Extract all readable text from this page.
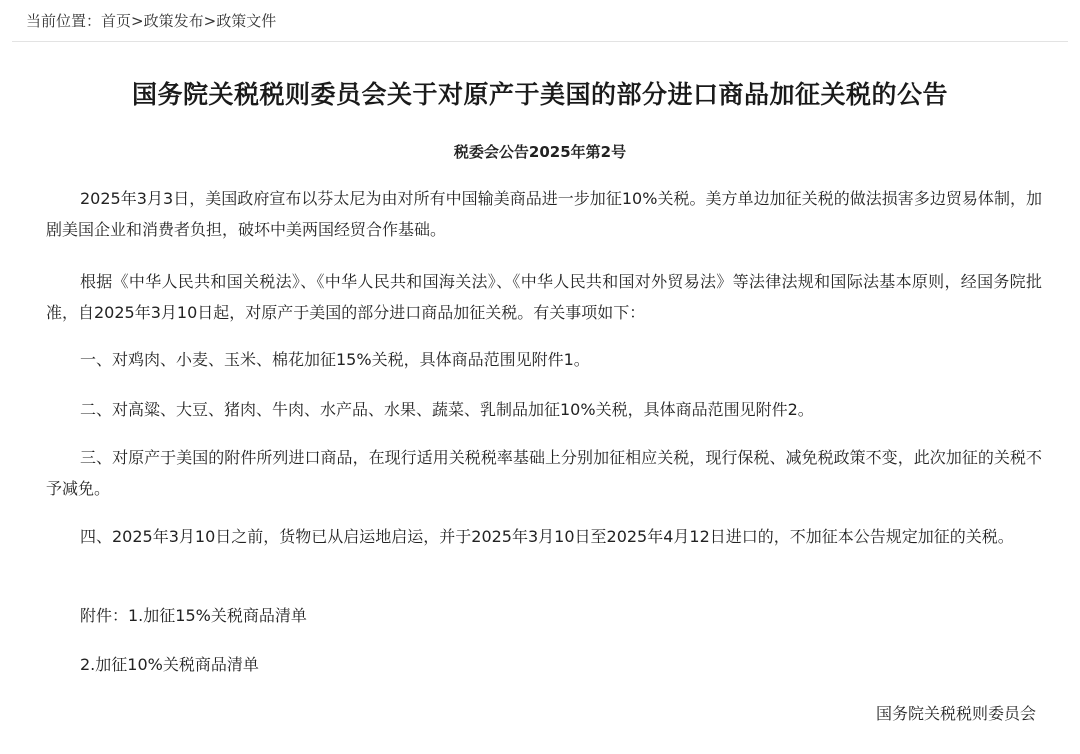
当前位置：首页>政策发布>政策文件
国务院关税税则委员会关于对原产于美国的部分进口商品加征关税的公告
税委会公告2025年第2号

2025年3月3日，美国政府宣布以芬太尼为由对所有中国输美商品进一步加征10%关税。美方单边加征关税的做法损害多边贸易体制，加剧美国企业和消费者负担，破坏中美两国经贸合作基础。

根据《中华人民共和国关税法》、《中华人民共和国海关法》、《中华人民共和国对外贸易法》等法律法规和国际法基本原则，经国务院批准，自2025年3月10日起，对原产于美国的部分进口商品加征关税。有关事项如下：

一、对鸡肉、小麦、玉米、棉花加征15%关税，具体商品范围见附件1。

二、对高粱、大豆、猪肉、牛肉、水产品、水果、蔬菜、乳制品加征10%关税，具体商品范围见附件2。

三、对原产于美国的附件所列进口商品，在现行适用关税税率基础上分别加征相应关税，现行保税、减免税政策不变，此次加征的关税不予减免。

四、2025年3月10日之前，货物已从启运地启运，并于2025年3月10日至2025年4月12日进口的，不加征本公告规定加征的关税。

附件：1.加征15%关税商品清单

2.加征10%关税商品清单

国务院关税税则委员会
